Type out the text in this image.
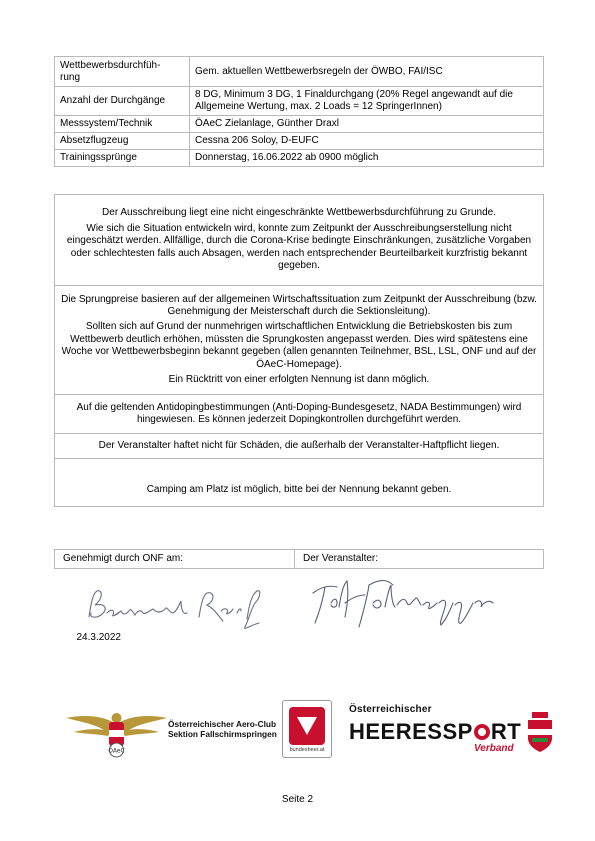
Wettbewerbsdurchfüh-
rung	Gem. aktuellen Wettbewerbsregeln der ÖWBO, FAI/ISC
Anzahl der Durchgänge	8 DG, Minimum 3 DG, 1 Finaldurchgang (20% Regel angewandt auf die Allgemeine Wertung, max. 2 Loads = 12 SpringerInnen)
Messsystem/Technik	ÖAeC Zielanlage, Günther Draxl
Absetzflugzeug	Cessna 206 Soloy, D-EUFC
Trainingssprünge	Donnerstag, 16.06.2022 ab 0900 möglich

Der Ausschreibung liegt eine nicht eingeschränkte Wettbewerbsdurchführung zu Grunde.

Wie sich die Situation entwickeln wird, konnte zum Zeitpunkt der Ausschreibungserstellung nicht eingeschätzt werden. Allfällige, durch die Corona-Krise bedingte Einschränkungen, zusätzliche Vorgaben oder schlechtesten falls auch Absagen, werden nach entsprechender Beurteilbarkeit kurzfristig bekannt gegeben.

Die Sprungpreise basieren auf der allgemeinen Wirtschaftssituation zum Zeitpunkt der Ausschreibung (bzw. Genehmigung der Meisterschaft durch die Sektionsleitung).

Sollten sich auf Grund der nunmehrigen wirtschaftlichen Entwicklung die Betriebskosten bis zum Wettbewerb deutlich erhöhen, müssten die Sprungkosten angepasst werden. Dies wird spätestens eine Woche vor Wettbewerbsbeginn bekannt gegeben (allen genannten Teilnehmer, BSL, LSL, ONF und auf der ÖAeC-Homepage).

Ein Rücktritt von einer erfolgten Nennung ist dann möglich.

Auf die geltenden Antidopingbestimmungen (Anti-Doping-Bundesgesetz, NADA Bestimmungen) wird hingewiesen. Es können jederzeit Dopingkontrollen durchgeführt werden.

Der Veranstalter haftet nicht für Schäden, die außerhalb der Veranstalter-Haftpflicht liegen.

Camping am Platz ist möglich, bitte bei der Nennung bekannt geben.

Genehmigt durch ONF am:	Der Veranstalter:

24.3.2022

ÖAeC
Österreichischer Aero-Club
Sektion Fallschirmspringen
bundesheer.at
Österreichischer
HEERESSP RT
Verband
Seite 2
